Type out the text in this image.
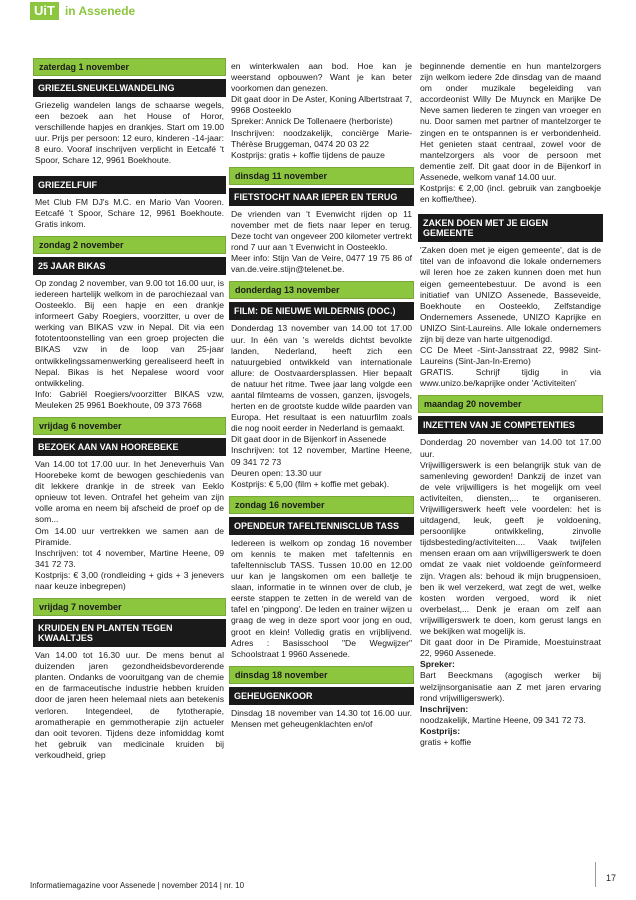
UiT in Assenede
zaterdag 1 november
GRIEZELSNEUKELWANDELING

Griezelig wandelen langs de schaarse wegels, een bezoek aan het House of Horor, verschillende hapjes en drankjes. Start om 19.00 uur. Prijs per persoon: 12 euro, kinderen -14-jaar: 8 euro. Vooraf inschrijven verplicht in Eetcafé 't Spoor, Schare 12, 9961 Boekhoute.

GRIEZELFUIF

Met Club FM DJ's M.C. en Mario Van Vooren. Eetcafé 't Spoor, Schare 12, 9961 Boekhoute. Gratis inkom.

zondag 2 november
25 JAAR BIKAS

Op zondag 2 november, van 9.00 tot 16.00 uur, is iedereen hartelijk welkom in de parochiezaal van Oosteeklo. Bij een hapje en een drankje informeert Gaby Roegiers, voorzitter, u over de werking van BIKAS vzw in Nepal. Dit via een fototentoonstelling van een groep projecten die BIKAS vzw in de loop van 25-jaar ontwikkelingssamenwerking gerealiseerd heeft in Nepal. Bikas is het Nepalese woord voor ontwikkeling.

Info: Gabriël Roegiers/voorzitter BIKAS vzw, Meuleken 25 9961 Boekhoute, 09 373 7668

vrijdag 6 november
BEZOEK AAN VAN HOOREBEKE

Van 14.00 tot 17.00 uur. In het Jeneverhuis Van Hoorebeke komt de bewogen geschiedenis van dit lekkere drankje in de streek van Eeklo opnieuw tot leven. Ontrafel het geheim van zijn volle aroma en neem bij afscheid de proef op de som...

Om 14.00 uur vertrekken we samen aan de Piramide.

Inschrijven: tot 4 november, Martine Heene, 09 341 72 73.

Kostprijs: € 3,00 (rondleiding + gids + 3 jenevers naar keuze inbegrepen)

vrijdag 7 november
KRUIDEN EN PLANTEN TEGEN KWAALTJES

Van 14.00 tot 16.30 uur. De mens benut al duizenden jaren gezondheidsbevorderende planten. Ondanks de vooruitgang van de chemie en de farmaceutische industrie hebben kruiden door de jaren heen helemaal niets aan betekenis verloren. Integendeel, de fytotherapie, aromatherapie en gemmotherapie zijn actueler dan ooit tevoren. Tijdens deze infomiddag komt het gebruik van medicinale kruiden bij verkoudheid, griep

en winterkwalen aan bod. Hoe kan je weerstand opbouwen? Want je kan beter voorkomen dan genezen.

Dit gaat door in De Aster, Koning Albertstraat 7, 9968 Oosteeklo

Spreker: Annick De Tollenaere (herboriste)

Inschrijven: noodzakelijk, conciërge Marie-Thérèse Bruggeman, 0474 20 03 22

Kostprijs: gratis + koffie tijdens de pauze

dinsdag 11 november
FIETSTOCHT NAAR IEPER EN TERUG

De vrienden van 't Evenwicht rijden op 11 november met de fiets naar Ieper en terug. Deze tocht van ongeveer 200 kilometer vertrekt rond 7 uur aan 't Evenwicht in Oosteeklo.

Meer info: Stijn Van de Veire, 0477 19 75 86 of van.de.veire.stijn@telenet.be.

donderdag 13 november
FILM: DE NIEUWE WILDERNIS (DOC.)

Donderdag 13 november van 14.00 tot 17.00 uur. In één van 's werelds dichtst bevolkte landen, Nederland, heeft zich een natuurgebied ontwikkeld van internationale allure: de Oostvaardersplassen. Hier bepaalt de natuur het ritme. Twee jaar lang volgde een aantal filmteams de vossen, ganzen, ijsvogels, herten en de grootste kudde wilde paarden van Europa. Het resultaat is een natuurfilm zoals die nog nooit eerder in Nederland is gemaakt.

Dit gaat door in de Bijenkorf in Assenede

Inschrijven: tot 12 november, Martine Heene, 09 341 72 73

Deuren open: 13.30 uur

Kostprijs: € 5,00 (film + koffie met gebak).

zondag 16 november
OPENDEUR TAFELTENNISCLUB TASS

Iedereen is welkom op zondag 16 november om kennis te maken met tafeltennis en tafeltennisclub TASS. Tussen 10.00 en 12.00 uur kan je langskomen om een balletje te slaan, informatie in te winnen over de club, je eerste stappen te zetten in de wereld van de tafel en 'pingpong'. De leden en trainer wijzen u graag de weg in deze sport voor jong en oud, groot en klein! Volledig gratis en vrijblijvend. Adres : Basisschool "De Wegwijzer" Schoolstraat 1 9960 Assenede.

dinsdag 18 november
GEHEUGENKOOR

Dinsdag 18 november van 14.30 tot 16.00 uur. Mensen met geheugenklachten en/of

beginnende dementie en hun mantelzorgers zijn welkom iedere 2de dinsdag van de maand om onder muzikale begeleiding van accordeonist Willy De Muynck en Marijke De Neve samen liederen te zingen van vroeger en nu. Door samen met partner of mantelzorger te zingen en te ontspannen is er verbondenheid. Het genieten staat centraal, zowel voor de mantelzorgers als voor de persoon met dementie zelf. Dit gaat door in de Bijenkorf in Assenede, welkom vanaf 14.00 uur.

Kostprijs: € 2,00 (incl. gebruik van zangboekje en koffie/thee).

ZAKEN DOEN MET JE EIGEN GEMEENTE

'Zaken doen met je eigen gemeente', dat is de titel van de infoavond die lokale ondernemers wil leren hoe ze zaken kunnen doen met hun eigen gemeentebestuur. De avond is een initiatief van UNIZO Assenede, Basseveide, Boekhoute en Oosteeklo, Zelfstandige Ondernemers Assenede, UNIZO Kaprijke en UNIZO Sint-Laureins. Alle lokale ondernemers zijn bij deze van harte uitgenodigd.

CC De Meet -Sint-Jansstraat 22, 9982 Sint-Laureins (Sint-Jan-In-Eremo)

GRATIS. Schrijf tijdig in via www.unizo.be/kaprijke onder 'Activiteiten'

maandag 20 november
INZETTEN VAN JE COMPETENTIES

Donderdag 20 november van 14.00 tot 17.00 uur.

Vrijwilligerswerk is een belangrijk stuk van de samenleving geworden! Dankzij de inzet van de vele vrijwilligers is het mogelijk om veel activiteiten, diensten,... te organiseren. Vrijwilligerswerk heeft vele voordelen: het is uitdagend, leuk, geeft je voldoening, persoonlijke ontwikkeling, zinvolle tijdsbesteding/activiteiten.... Vaak twijfelen mensen eraan om aan vrijwilligerswerk te doen omdat ze vaak niet voldoende geïnformeerd zijn. Vragen als: behoud ik mijn brugpensioen, ben ik wel verzekerd, wat zegt de wet, welke kosten worden vergoed, word ik niet overbelast,... Denk je eraan om zelf aan vrijwilligerswerk te doen, kom gerust langs en we bekijken wat mogelijk is.

Dit gaat door in De Piramide, Moestuinstraat 22, 9960 Assenede.

Spreker:

Bart Beeckmans (agogisch werker bij welzijnsorganisatie aan Z met jaren ervaring rond vrijwilligerswerk).

Inschrijven:

noodzakelijk, Martine Heene, 09 341 72 73.

Kostprijs:

gratis + koffie

Informatiemagazine voor Assenede | november 2014 | nr. 10
17
